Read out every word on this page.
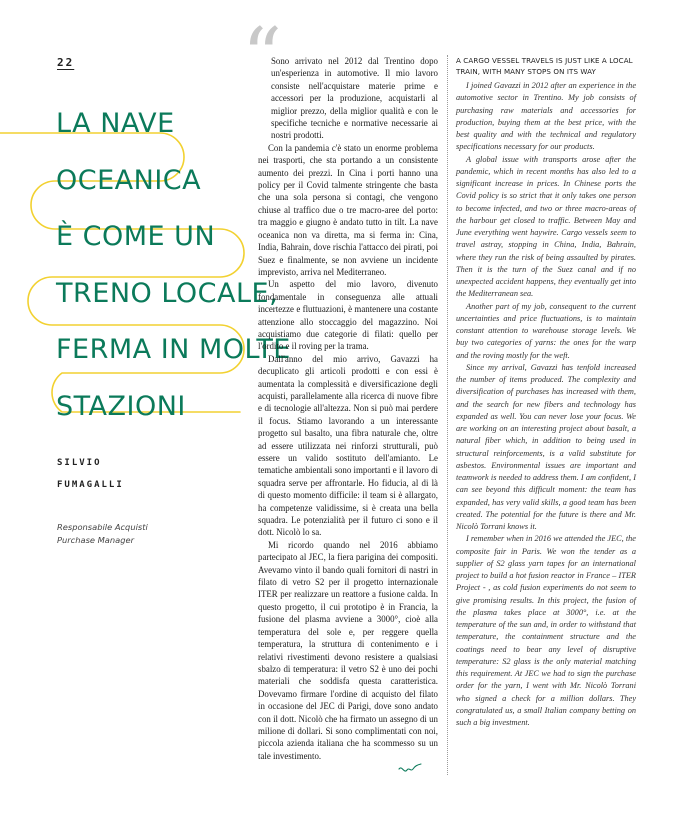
22
LA NAVE
OCEANICA
È COME UN
TRENO LOCALE,
FERMA IN MOLTE
STAZIONI
SILVIO
FUMAGALLI
Responsabile Acquisti
Purchase Manager
“

Sono arrivato nel 2012 dal Trentino dopo un'esperienza in automotive. Il mio lavoro consiste nell'acquistare materie prime e accessori per la produzione, acquistarli al miglior prezzo, della miglior qualità e con le specifiche tecniche e normative necessarie ai nostri prodotti.

Con la pandemia c'è stato un enorme problema nei trasporti, che sta portando a un consistente aumento dei prezzi. In Cina i porti hanno una policy per il Covid talmente stringente che basta che una sola persona si contagi, che vengono chiuse al traffico due o tre macro-aree del porto: tra maggio e giugno è andato tutto in tilt. La nave oceanica non va diretta, ma si ferma in: Cina, India, Bahrain, dove rischia l'attacco dei pirati, poi Suez e finalmente, se non avviene un incidente imprevisto, arriva nel Mediterraneo.

Un aspetto del mio lavoro, divenuto fondamentale in conseguenza alle attuali incertezze e fluttuazioni, è mantenere una costante attenzione allo stoccaggio del magazzino. Noi acquistiamo due categorie di filati: quello per l'ordito e il roving per la trama.

Dall'anno del mio arrivo, Gavazzi ha decuplicato gli articoli prodotti e con essi è aumentata la complessità e diversificazione degli acquisti, parallelamente alla ricerca di nuove fibre e di tecnologie all'altezza. Non si può mai perdere il focus. Stiamo lavorando a un interessante progetto sul basalto, una fibra naturale che, oltre ad essere utilizzata nei rinforzi strutturali, può essere un valido sostituto dell'amianto. Le tematiche ambientali sono importanti e il lavoro di squadra serve per affrontarle. Ho fiducia, al di là di questo momento difficile: il team si è allargato, ha competenze validissime, si è creata una bella squadra. Le potenzialità per il futuro ci sono e il dott. Nicolò lo sa.

Mi ricordo quando nel 2016 abbiamo partecipato al JEC, la fiera parigina dei compositi. Avevamo vinto il bando quali fornitori di nastri in filato di vetro S2 per il progetto internazionale ITER per realizzare un reattore a fusione calda. In questo progetto, il cui prototipo è in Francia, la fusione del plasma avviene a 3000°, cioè alla temperatura del sole e, per reggere quella temperatura, la struttura di contenimento e i relativi rivestimenti devono resistere a qualsiasi sbalzo di temperatura: il vetro S2 è uno dei pochi materiali che soddisfa questa caratteristica. Dovevamo firmare l'ordine di acquisto del filato in occasione del JEC di Parigi, dove sono andato con il dott. Nicolò che ha firmato un assegno di un milione di dollari. Si sono complimentati con noi, piccola azienda italiana che ha scommesso su un tale investimento.

A CARGO VESSEL TRAVELS IS JUST LIKE A LOCAL TRAIN, WITH MANY STOPS ON ITS WAY

I joined Gavazzi in 2012 after an experience in the automotive sector in Trentino. My job consists of purchasing raw materials and accessories for production, buying them at the best price, with the best quality and with the technical and regulatory specifications necessary for our products.

A global issue with transports arose after the pandemic, which in recent months has also led to a significant increase in prices. In Chinese ports the Covid policy is so strict that it only takes one person to become infected, and two or three macro-areas of the harbour get closed to traffic. Between May and June everything went haywire. Cargo vessels seem to travel astray, stopping in China, India, Bahrain, where they run the risk of being assaulted by pirates. Then it is the turn of the Suez canal and if no unexpected accident happens, they eventually get into the Mediterranean sea.

Another part of my job, consequent to the current uncertainties and price fluctuations, is to maintain constant attention to warehouse storage levels. We buy two categories of yarns: the ones for the warp and the roving mostly for the weft.

Since my arrival, Gavazzi has tenfold increased the number of items produced. The complexity and diversification of purchases has increased with them, and the search for new fibers and technology has expanded as well. You can never lose your focus. We are working on an interesting project about basalt, a natural fiber which, in addition to being used in structural reinforcements, is a valid substitute for asbestos. Environmental issues are important and teamwork is needed to address them. I am confident, I can see beyond this difficult moment: the team has expanded, has very valid skills, a good team has been created. The potential for the future is there and Mr. Nicolò Torrani knows it.

I remember when in 2016 we attended the JEC, the composite fair in Paris. We won the tender as a supplier of S2 glass yarn tapes for an international project to build a hot fusion reactor in France – ITER Project - , as cold fusion experiments do not seem to give promising results. In this project, the fusion of the plasma takes place at 3000°, i.e. at the temperature of the sun and, in order to withstand that temperature, the containment structure and the coatings need to bear any level of disruptive temperature: S2 glass is the only material matching this requirement. At JEC we had to sign the purchase order for the yarn, I went with Mr. Nicolò Torrani who signed a check for a million dollars. They congratulated us, a small Italian company betting on such a big investment.
